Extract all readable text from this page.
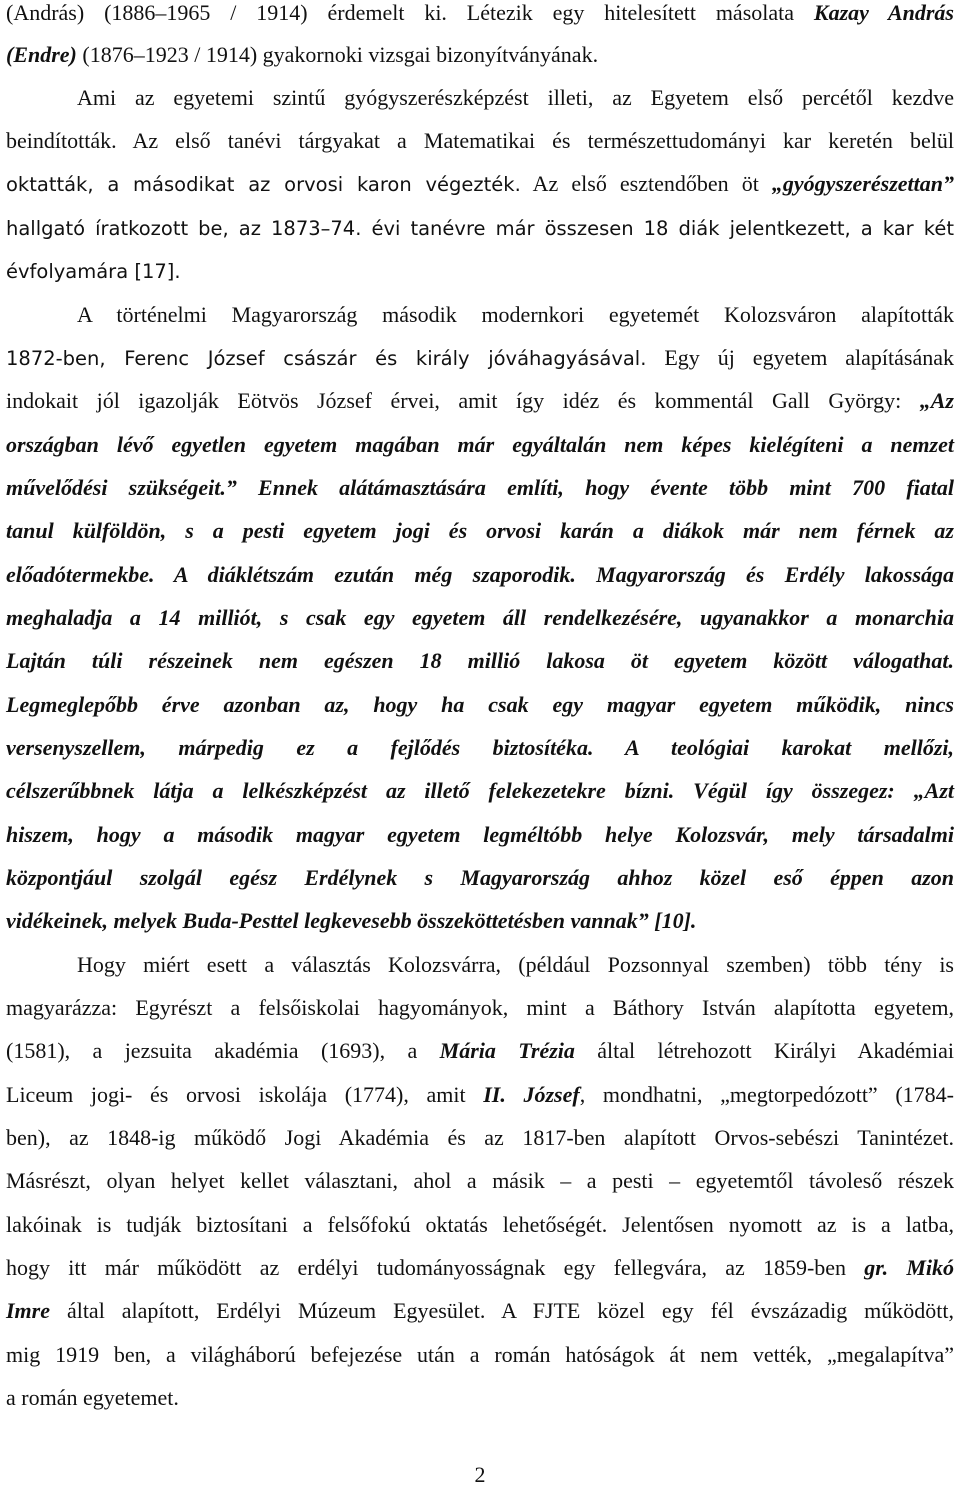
(András) (1886–1965 / 1914) érdemelt ki. Létezik egy hitelesített másolata Kazay András
(Endre) (1876–1923 / 1914) gyakornoki vizsgai bizonyítványának.
Ami az egyetemi szintű gyógyszerészképzést illeti, az Egyetem első percétől kezdve
beindították. Az első tanévi tárgyakat a Matematikai és természettudományi kar keretén belül
oktatták, a másodikat az orvosi karon végezték. Az első esztendőben öt „gyógyszerészettan”
hallgató íratkozott be, az 1873–74. évi tanévre már összesen 18 diák jelentkezett, a kar két
évfolyamára [17].
A történelmi Magyarország második modernkori egyetemét Kolozsváron alapították
1872-ben, Ferenc József császár és király jóváhagyásával. Egy új egyetem alapításának
indokait jól igazolják Eötvös József érvei, amit így idéz és kommentál Gall György: „Az
országban lévő egyetlen egyetem magában már egyáltalán nem képes kielégíteni a nemzet
művelődési szükségeit.” Ennek alátámasztására említi, hogy évente több mint 700 fiatal
tanul külföldön, s a pesti egyetem jogi és orvosi karán a diákok már nem férnek az
előadótermekbe. A diáklétszám ezután még szaporodik. Magyarország és Erdély lakossága
meghaladja a 14 milliót, s csak egy egyetem áll rendelkezésére, ugyanakkor a monarchia
Lajtán túli részeinek nem egészen 18 millió lakosa öt egyetem között válogathat.
Legmeglepőbb érve azonban az, hogy ha csak egy magyar egyetem működik, nincs
versenyszellem, márpedig ez a fejlődés biztosítéka. A teológiai karokat mellőzi,
célszerűbbnek látja a lelkészképzést az illető felekezetekre bízni. Végül így összegez: „Azt
hiszem, hogy a második magyar egyetem legméltóbb helye Kolozsvár, mely társadalmi
központjául szolgál egész Erdélynek s Magyarország ahhoz közel eső éppen azon
vidékeinek, melyek Buda-Pesttel legkevesebb összeköttetésben vannak” [10].
Hogy miért esett a választás Kolozsvárra, (például Pozsonnyal szemben) több tény is
magyarázza: Egyrészt a felsőiskolai hagyományok, mint a Báthory István alapította egyetem,
(1581), a jezsuita akadémia (1693), a Mária Trézia által létrehozott Királyi Akadémiai
Liceum jogi- és orvosi iskolája (1774), amit II. József, mondhatni, „megtorpedózott” (1784-
ben), az 1848-ig működő Jogi Akadémia és az 1817-ben alapított Orvos-sebészi Tanintézet.
Másrészt, olyan helyet kellet választani, ahol a másik – a pesti – egyetemtől távoleső részek
lakóinak is tudják biztosítani a felsőfokú oktatás lehetőségét. Jelentősen nyomott az is a latba,
hogy itt már működött az erdélyi tudományosságnak egy fellegvára, az 1859-ben gr. Mikó
Imre által alapított, Erdélyi Múzeum Egyesület. A FJTE közel egy fél évszázadig működött,
mig 1919 ben, a világháború befejezése után a román hatóságok át nem vették, „megalapítva”
a román egyetemet.
2
